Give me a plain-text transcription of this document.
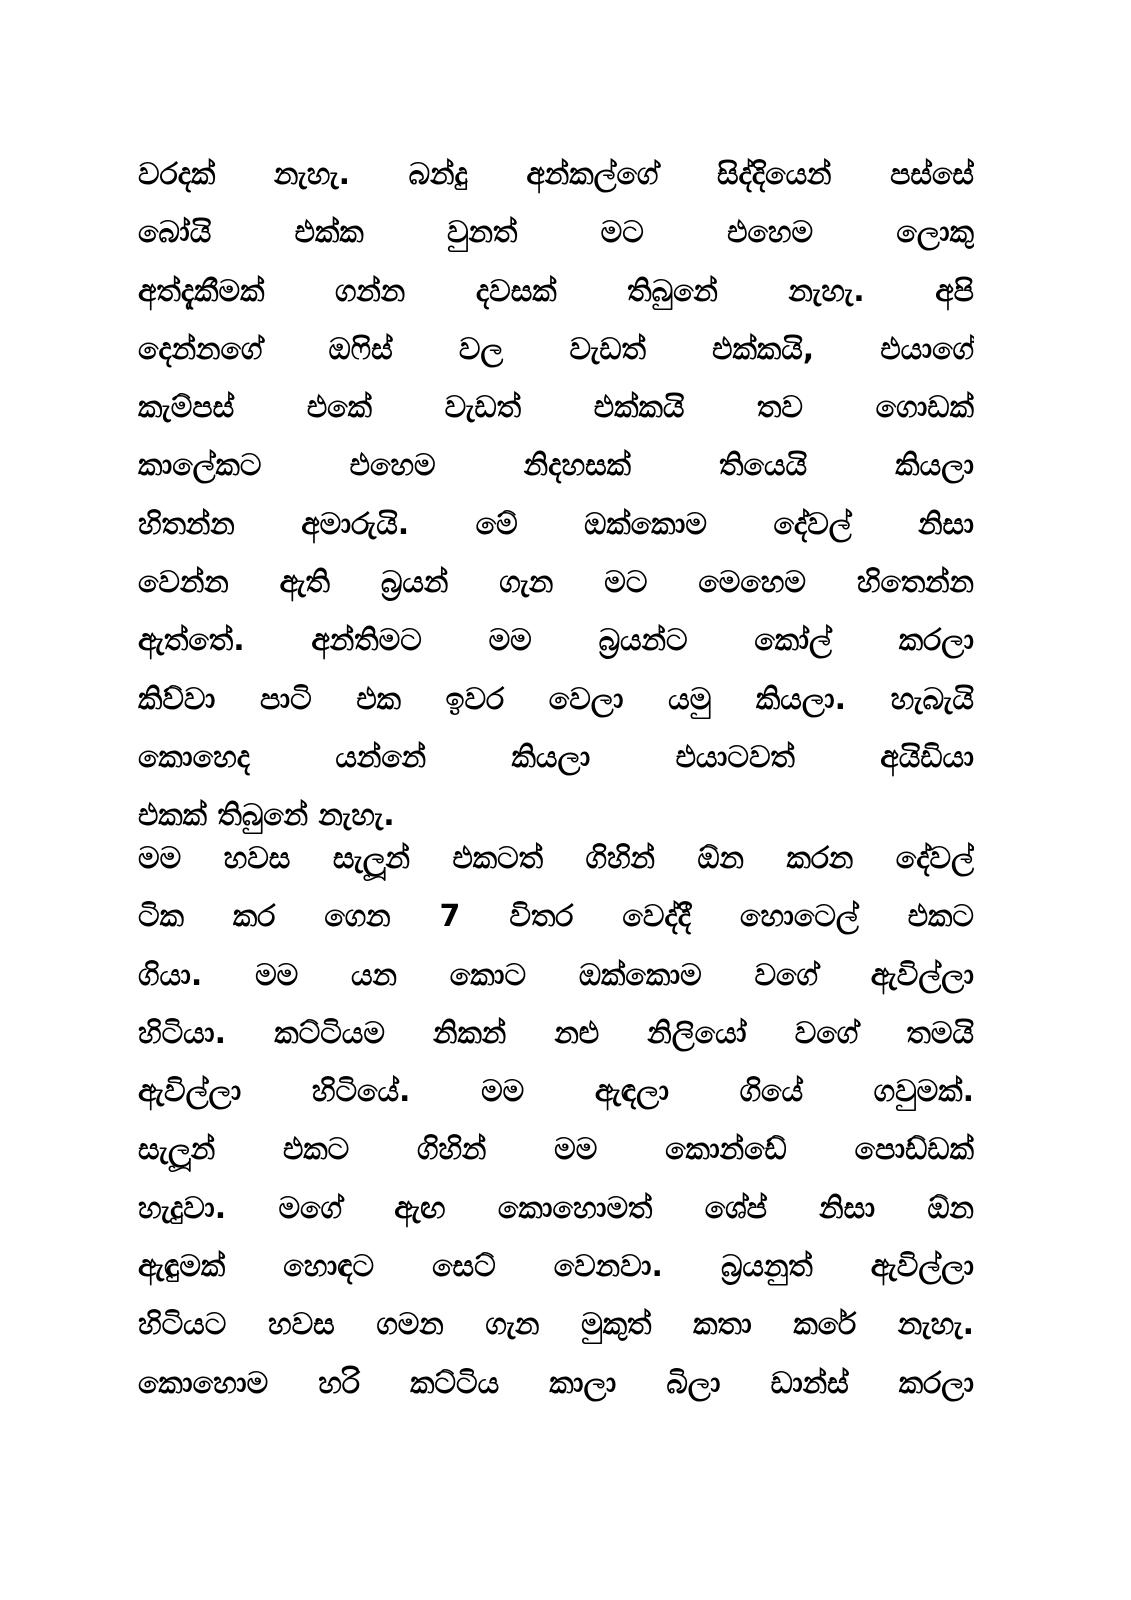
වරදක් නැහැ. බන්දු අන්කල්ගේ සිද්දියෙන් පස්සේ
බෝයි එක්ක වුනත් මට එහෙම ලොකු
අත්දැකීමක් ගන්න දවසක් තිබුනේ නැහැ. අපි
දෙන්නගේ ඔෆිස් වල වැඩත් එක්කයි, එයාගේ
කැම්පස් එකේ වැඩත් එක්කයි තව ගොඩක්
කාලේකට එහෙම නිදහසක් තියෙයි කියලා
හිතන්න අමාරුයි. මේ ඔක්කොම දේවල් නිසා
වෙන්න ඇති බ්‍රයන් ගැන මට මෙහෙම හිතෙන්න
ඇත්තේ. අන්තිමට මම බ්‍රයන්ට කෝල් කරලා
කිව්වා පාටි එක ඉවර වෙලා යමු කියලා. හැබැයි
කොහෙද යන්නේ කියලා එයාටවත් අයිඩියා
එකක් තිබුනේ නැහැ.
මම හවස සැලූන් එකටත් ගිහින් ඕන කරන දේවල්
ටික කර ගෙන 7 විතර වෙද්දී හොටෙල් එකට
ගියා. මම යන කොට ඔක්කොම වගේ ඇවිල්ලා
හිටියා. කට්ටියම නිකන් නළු නිලියෝ වගේ තමයි
ඇවිල්ලා හිටියේ. මම ඇඳලා ගියේ ගවුමක්.
සැලූන් එකට ගිහින් මම කොන්ඩේ පොඩ්ඩක්
හැදුවා. මගේ ඇඟ කොහොමත් ශේප් නිසා ඕන
ඇඳුමක් හොඳට සෙට් වෙනවා. බ්‍රයනුත් ඇවිල්ලා
හිටියට හවස ගමන ගැන මුකුත් කතා කරේ නැහැ.
කොහොම හරි කට්ටිය කාලා බිලා ඩාන්ස් කරලා
